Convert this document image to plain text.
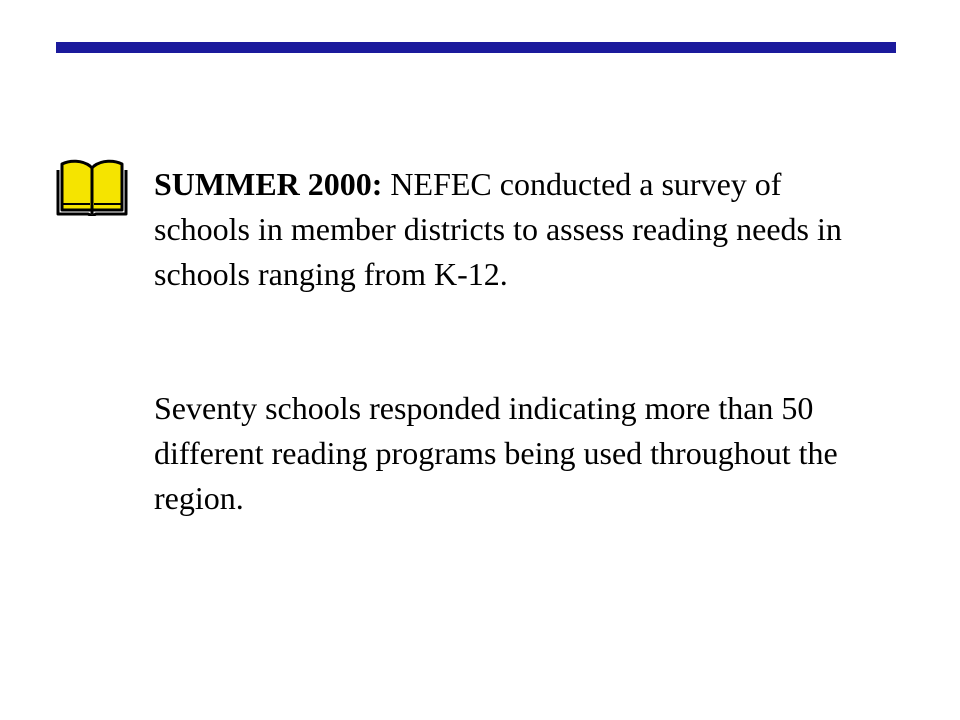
SUMMER 2000: NEFEC conducted a survey of schools in member districts to assess reading needs in schools ranging from K-12.

Seventy schools responded indicating more than 50 different reading programs being used throughout the region.
